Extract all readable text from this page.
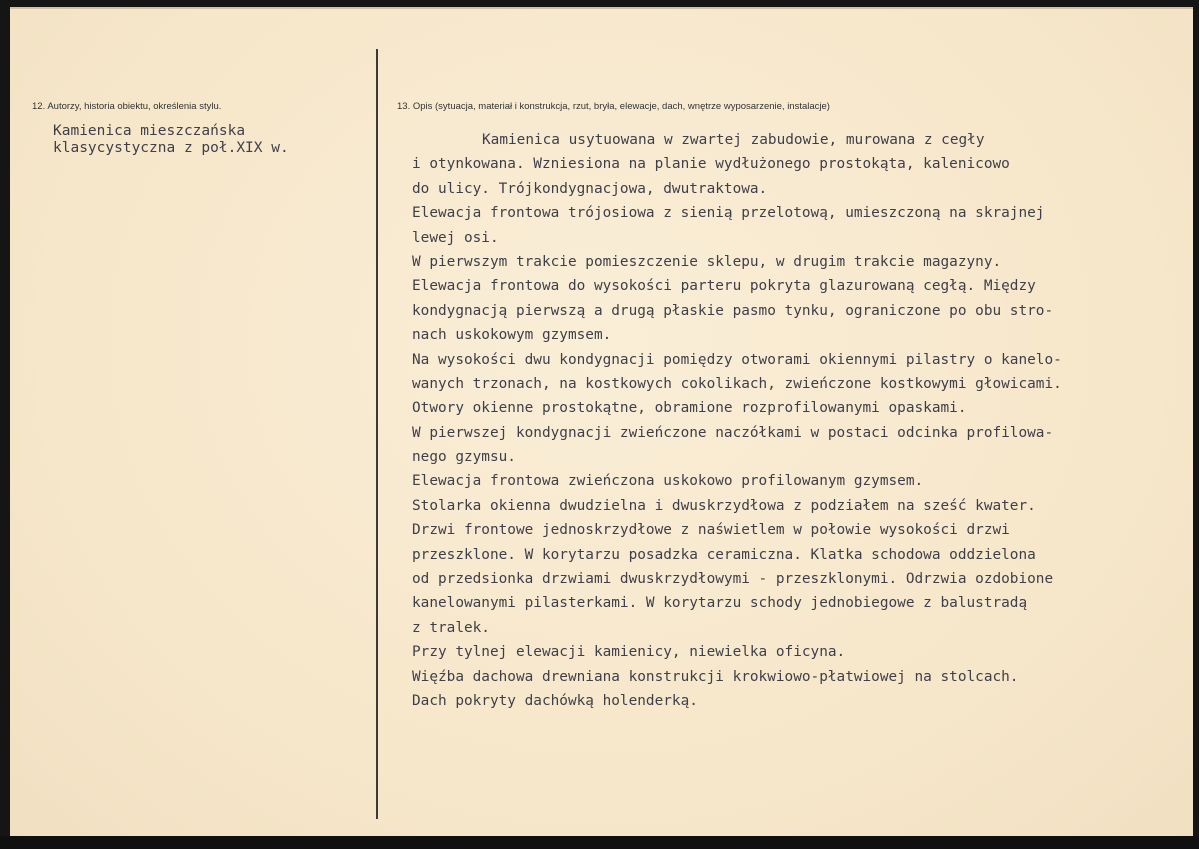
12. Autorzy, historia obiektu, określenia stylu.
Kamienica mieszczańska
klasycystyczna z poł.XIX w.
13. Opis (sytuacja, materiał i konstrukcja, rzut, bryła, elewacje, dach, wnętrze wyposarzenie, instalacje)
Kamienica usytuowana w zwartej zabudowie, murowana z cegły
i otynkowana. Wzniesiona na planie wydłużonego prostokąta, kalenicowo
do ulicy. Trójkondygnacjowa, dwutraktowa.
Elewacja frontowa trójosiowa z sienią przelotową, umieszczoną na skrajnej
lewej osi.
W pierwszym trakcie pomieszczenie sklepu, w drugim trakcie magazyny.
Elewacja frontowa do wysokości parteru pokryta glazurowaną cegłą. Między
kondygnacją pierwszą a drugą płaskie pasmo tynku, ograniczone po obu stro-
nach uskokowym gzymsem.
Na wysokości dwu kondygnacji pomiędzy otworami okiennymi pilastry o kanelo-
wanych trzonach, na kostkowych cokolikach, zwieńczone kostkowymi głowicami.
Otwory okienne prostokątne, obramione rozprofilowanymi opaskami.
W pierwszej kondygnacji zwieńczone naczółkami w postaci odcinka profilowa-
nego gzymsu.
Elewacja frontowa zwieńczona uskokowo profilowanym gzymsem.
Stolarka okienna dwudzielna i dwuskrzydłowa z podziałem na sześć kwater.
Drzwi frontowe jednoskrzydłowe z naświetlem w połowie wysokości drzwi
przeszklone. W korytarzu posadzka ceramiczna. Klatka schodowa oddzielona
od przedsionka drzwiami dwuskrzydłowymi - przeszklonymi. Odrzwia ozdobione
kanelowanymi pilasterkami. W korytarzu schody jednobiegowe z balustradą
z tralek.
Przy tylnej elewacji kamienicy, niewielka oficyna.
Więźba dachowa drewniana konstrukcji krokwiowo-płatwiowej na stolcach.
Dach pokryty dachówką holenderką.
